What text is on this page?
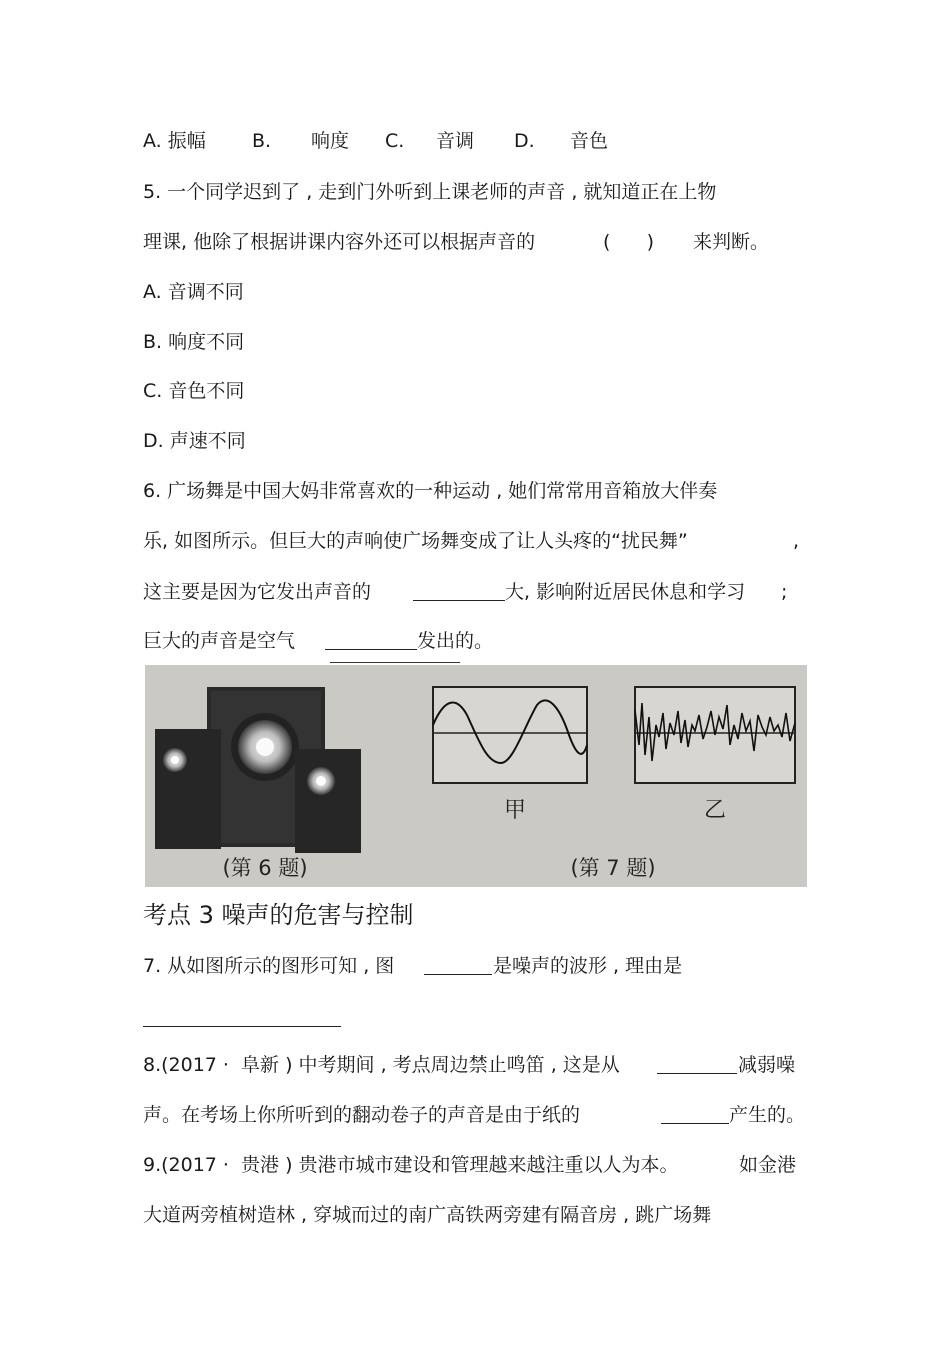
A. 振幅 B. 响度 C. 音调 D. 音色
5. 一个同学迟到了 , 走到门外听到上课老师的声音 , 就知道正在上物
理课, 他除了根据讲课内容外还可以根据声音的	(      ) 来判断。
A. 音调不同
B. 响度不同
C. 音色不同
D. 声速不同
6. 广场舞是中国大妈非常喜欢的一种运动 , 她们常常用音箱放大伴奏
乐, 如图所示。但巨大的声响使广场舞变成了让人头疼的“扰民舞”	,
这主要是因为它发出声音的	大, 影响附近居民休息和学习 ;
巨大的声音是空气	发出的。
甲	乙
(第 6 题)	(第 7 题)
考点 3 噪声的危害与控制
7. 从如图所示的图形可知 , 图	是噪声的波形 , 理由是
8.(2017 ·  阜新 ) 中考期间 , 考点周边禁止鸣笛 , 这是从	减弱噪
声。在考场上你所听到的翻动卷子的声音是由于纸的	产生的。
9.(2017 ·  贵港 ) 贵港市城市建设和管理越来越注重以人为本。	如金港
大道两旁植树造林 , 穿城而过的南广高铁两旁建有隔音房 , 跳广场舞
